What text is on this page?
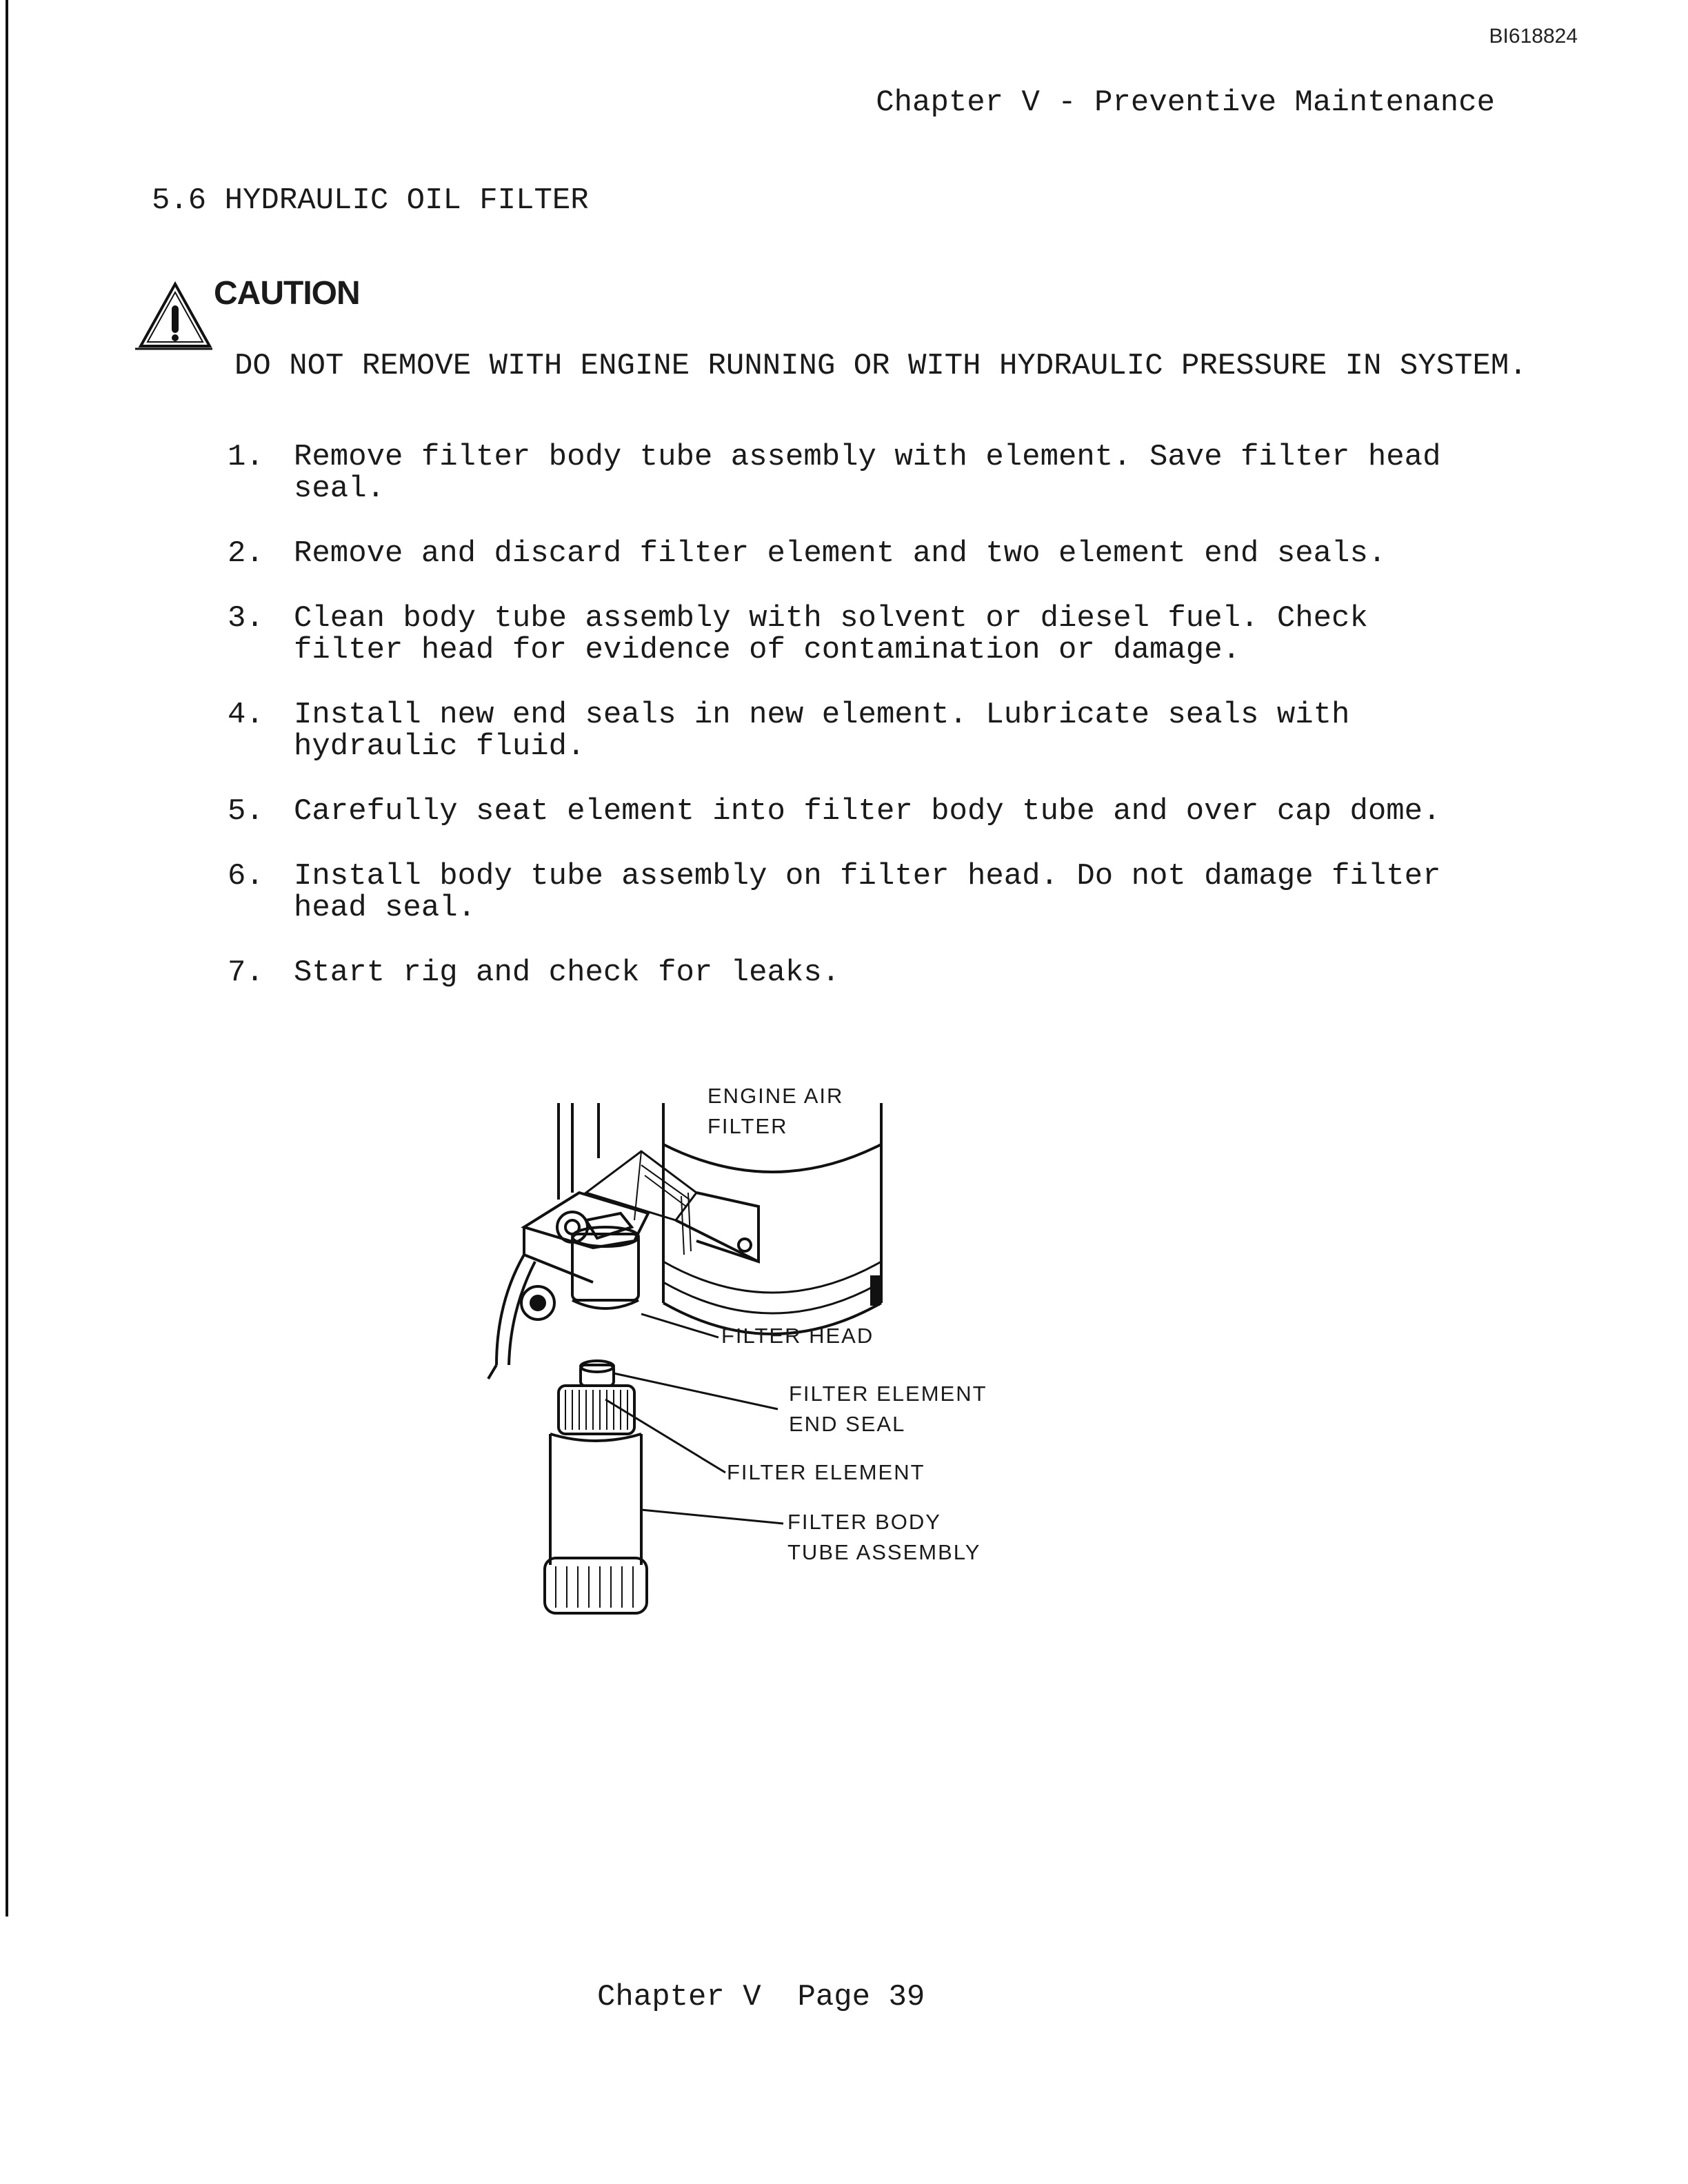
BI618824
Chapter V - Preventive Maintenance
5.6 HYDRAULIC OIL FILTER
CAUTION
DO NOT REMOVE WITH ENGINE RUNNING OR WITH HYDRAULIC PRESSURE IN SYSTEM.
1. Remove filter body tube assembly with element. Save filter head seal.
2. Remove and discard filter element and two element end seals.
3. Clean body tube assembly with solvent or diesel fuel. Check filter head for evidence of contamination or damage.
4. Install new end seals in new element. Lubricate seals with hydraulic fluid.
5. Carefully seat element into filter body tube and over cap dome.
6. Install body tube assembly on filter head. Do not damage filter head seal.
7. Start rig and check for leaks.
ENGINE AIR
FILTER
FILTER HEAD
FILTER ELEMENT
END SEAL
FILTER ELEMENT
FILTER BODY
TUBE ASSEMBLY
Chapter V  Page 39
